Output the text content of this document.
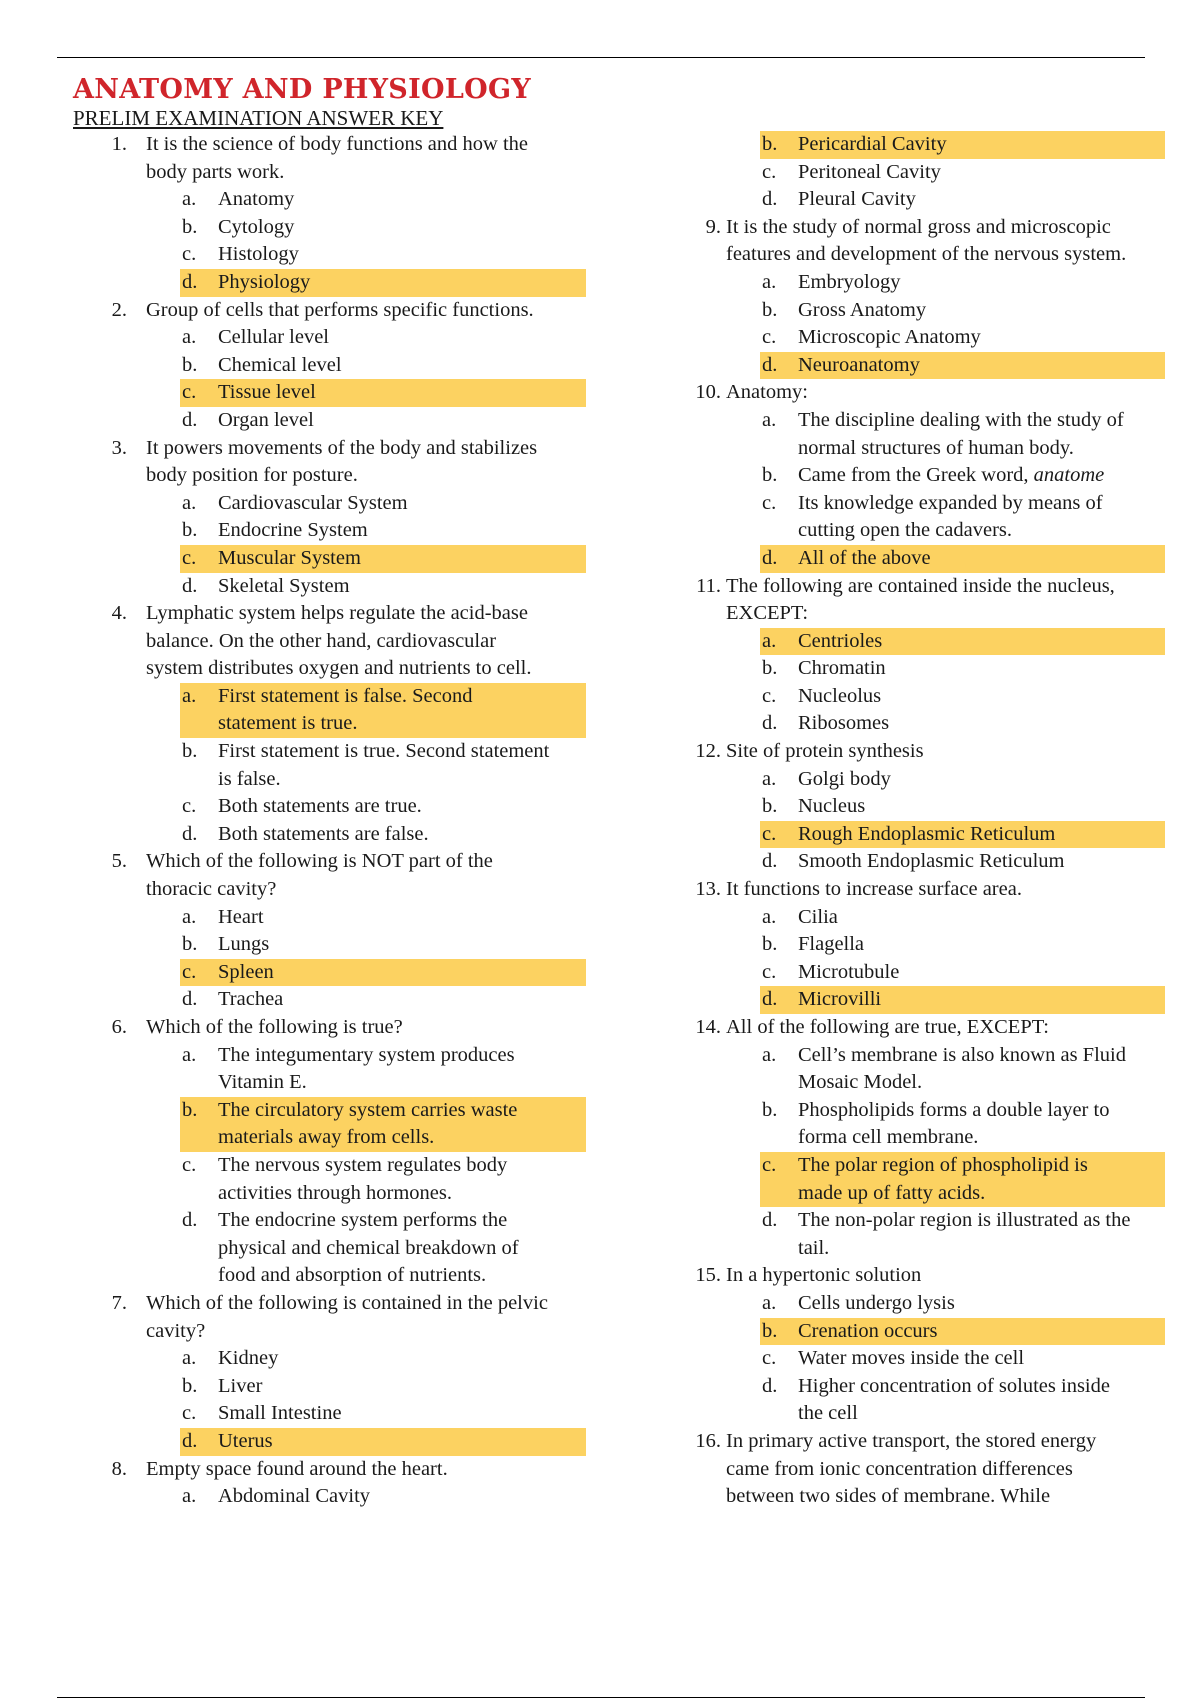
ANATOMY AND PHYSIOLOGY
PRELIM EXAMINATION ANSWER KEY
1. It is the science of body functions and how the
body parts work.
a. Anatomy
b. Cytology
c. Histology
d. Physiology
2. Group of cells that performs specific functions.
a. Cellular level
b. Chemical level
c. Tissue level
d. Organ level
3. It powers movements of the body and stabilizes
body position for posture.
a. Cardiovascular System
b. Endocrine System
c. Muscular System
d. Skeletal System
4. Lymphatic system helps regulate the acid-base
balance. On the other hand, cardiovascular
system distributes oxygen and nutrients to cell.
a. First statement is false. Second
statement is true.
b. First statement is true. Second statement
is false.
c. Both statements are true.
d. Both statements are false.
5. Which of the following is NOT part of the
thoracic cavity?
a. Heart
b. Lungs
c. Spleen
d. Trachea
6. Which of the following is true?
a. The integumentary system produces
Vitamin E.
b. The circulatory system carries waste
materials away from cells.
c. The nervous system regulates body
activities through hormones.
d. The endocrine system performs the
physical and chemical breakdown of
food and absorption of nutrients.
7. Which of the following is contained in the pelvic
cavity?
a. Kidney
b. Liver
c. Small Intestine
d. Uterus
8. Empty space found around the heart.
a. Abdominal Cavity
b. Pericardial Cavity
c. Peritoneal Cavity
d. Pleural Cavity
9. It is the study of normal gross and microscopic
features and development of the nervous system.
a. Embryology
b. Gross Anatomy
c. Microscopic Anatomy
d. Neuroanatomy
10. Anatomy:
a. The discipline dealing with the study of
normal structures of human body.
b. Came from the Greek word, anatome
c. Its knowledge expanded by means of
cutting open the cadavers.
d. All of the above
11. The following are contained inside the nucleus,
EXCEPT:
a. Centrioles
b. Chromatin
c. Nucleolus
d. Ribosomes
12. Site of protein synthesis
a. Golgi body
b. Nucleus
c. Rough Endoplasmic Reticulum
d. Smooth Endoplasmic Reticulum
13. It functions to increase surface area.
a. Cilia
b. Flagella
c. Microtubule
d. Microvilli
14. All of the following are true, EXCEPT:
a. Cell’s membrane is also known as Fluid
Mosaic Model.
b. Phospholipids forms a double layer to
forma cell membrane.
c. The polar region of phospholipid is
made up of fatty acids.
d. The non-polar region is illustrated as the
tail.
15. In a hypertonic solution
a. Cells undergo lysis
b. Crenation occurs
c. Water moves inside the cell
d. Higher concentration of solutes inside
the cell
16. In primary active transport, the stored energy
came from ionic concentration differences
between two sides of membrane. While
